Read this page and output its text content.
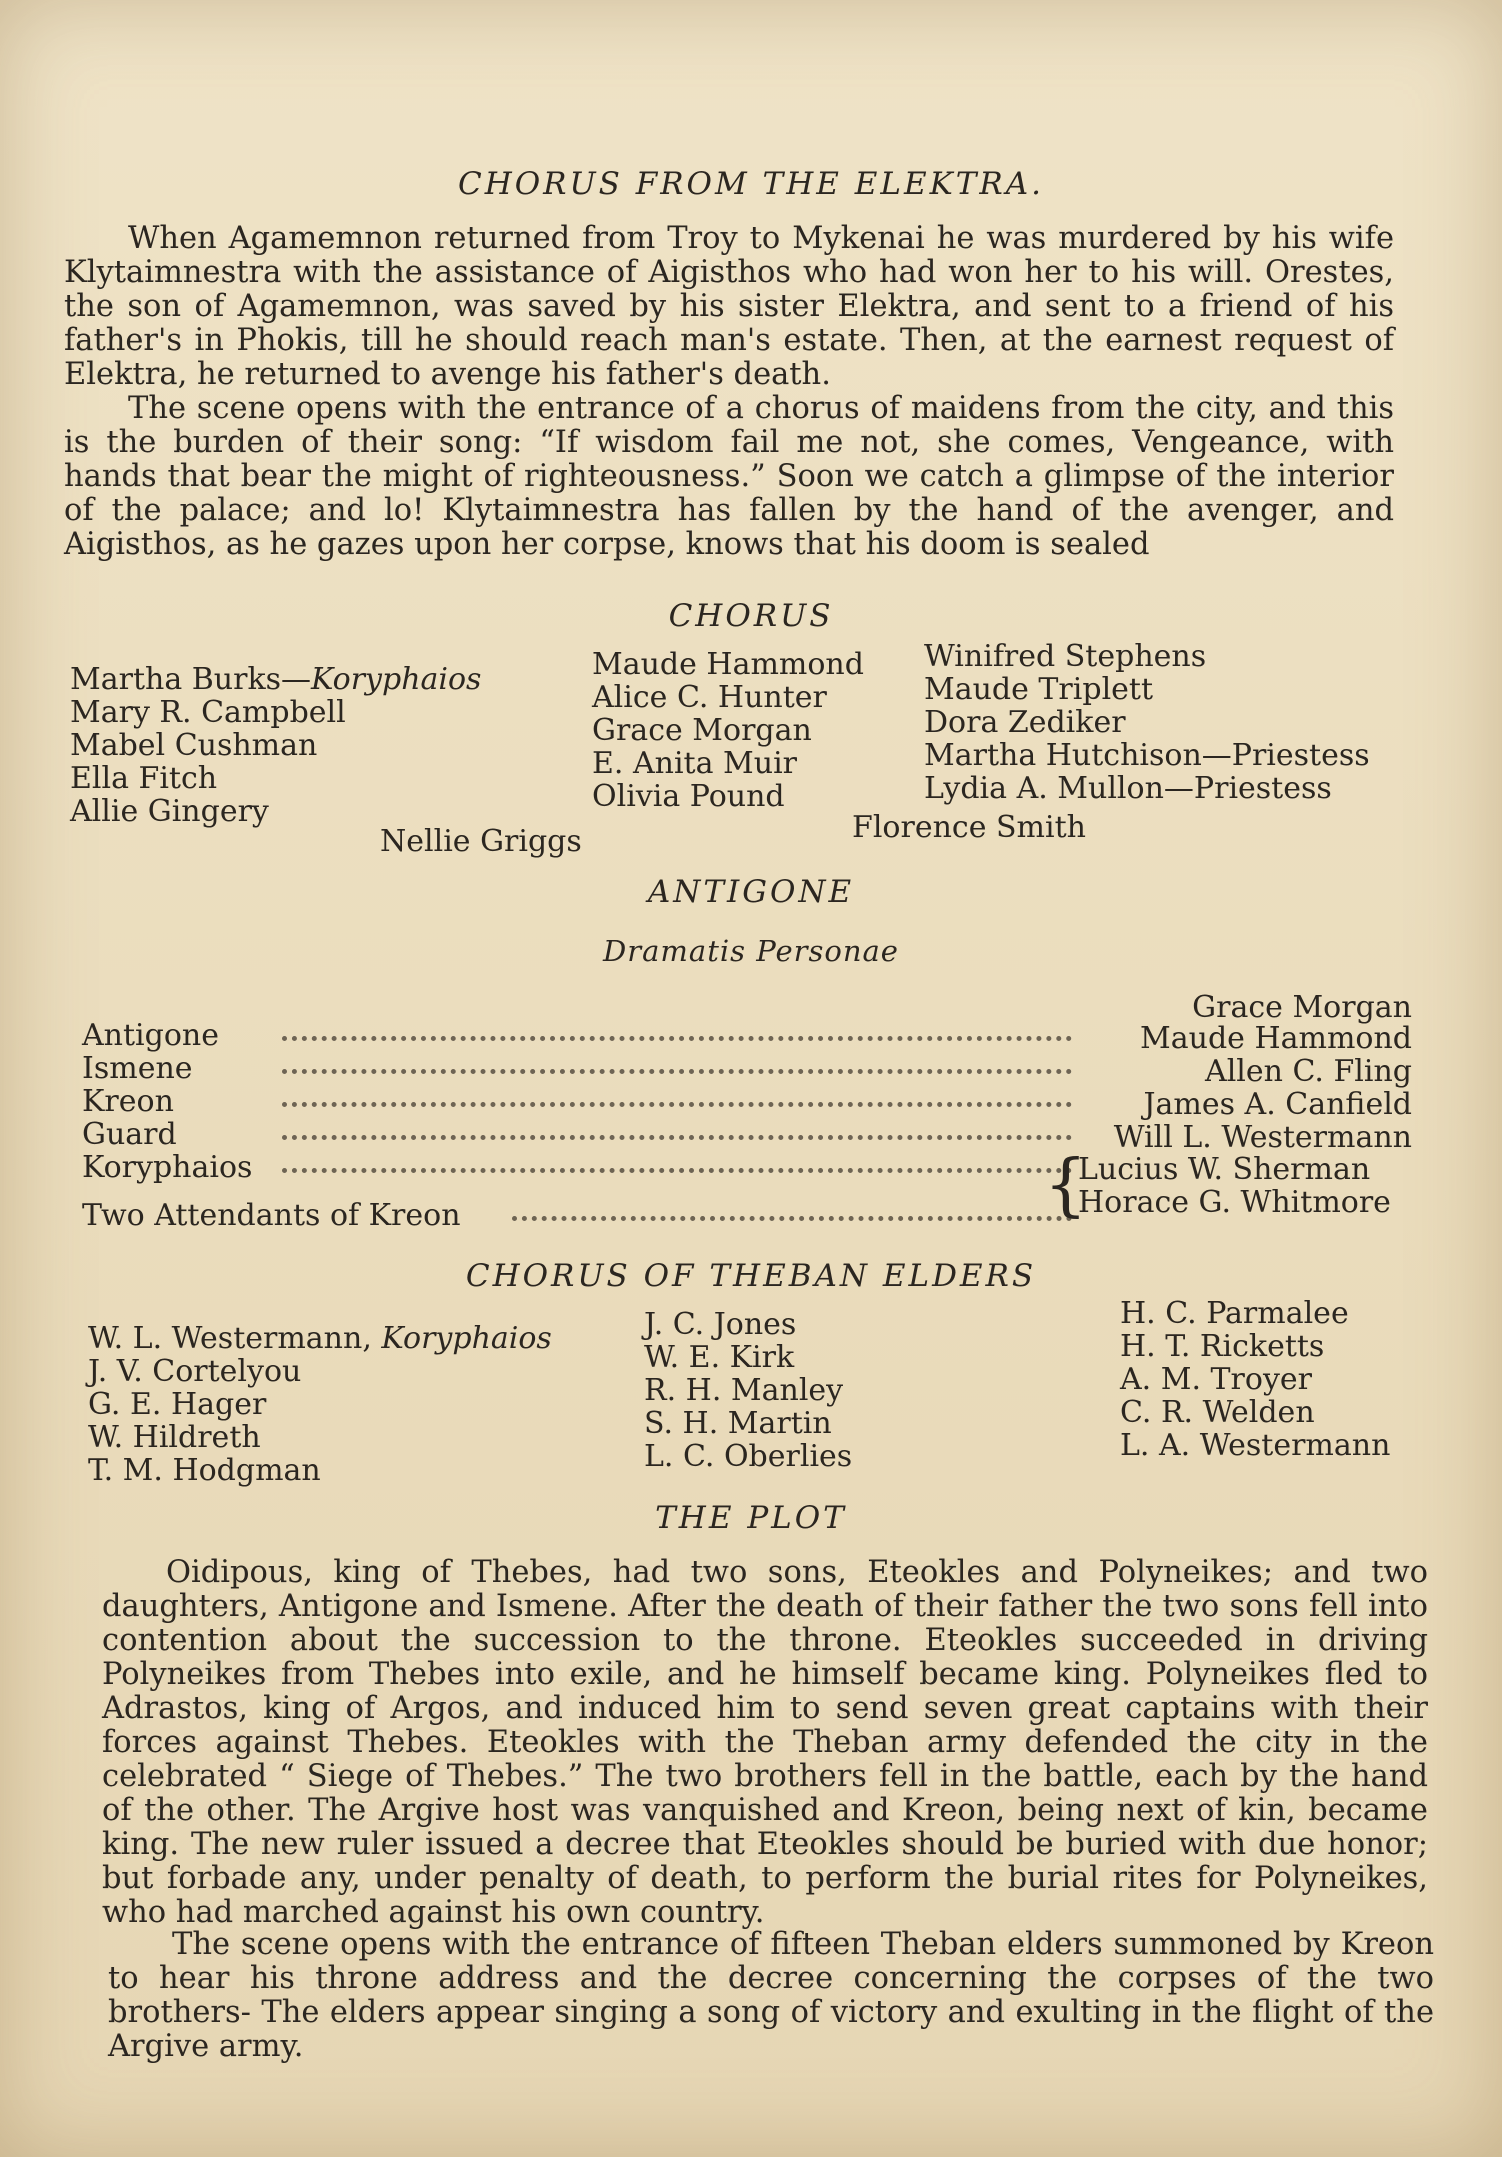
CHORUS FROM THE ELEKTRA.

When Agamemnon returned from Troy to Mykenai he was murdered by his wife Klytaimnestra with the assistance of Aigisthos who had won her to his will. Orestes, the son of Agamemnon, was saved by his sister Elektra, and sent to a friend of his father's in Phokis, till he should reach man's estate. Then, at the earnest request of Elektra, he returned to avenge his father's death.

The scene opens with the entrance of a chorus of maidens from the city, and this is the burden of their song: “If wisdom fail me not, she comes, Vengeance, with hands that bear the might of righteousness.” Soon we catch a glimpse of the interior of the palace; and lo! Klytaimnestra has fallen by the hand of the avenger, and Aigisthos, as he gazes upon her corpse, knows that his doom is sealed

CHORUS
Martha Burks—Koryphaios
Mary R. Campbell
Mabel Cushman
Ella Fitch
Allie Gingery
Maude Hammond
Alice C. Hunter
Grace Morgan
E. Anita Muir
Olivia Pound
Winifred Stephens
Maude Triplett
Dora Zediker
Martha Hutchison—Priestess
Lydia A. Mullon—Priestess
Nellie Griggs	Florence Smith
ANTIGONE
Dramatis Personae
Antigone
Grace Morgan
Ismene
Maude Hammond
Kreon
Allen C. Fling
Guard
James A. Canfield
Koryphaios
Will L. Westermann
Two Attendants of Kreon	{
Lucius W. Sherman
Horace G. Whitmore
CHORUS OF THEBAN ELDERS
W. L. Westermann, Koryphaios
J. V. Cortelyou
G. E. Hager
W. Hildreth
T. M. Hodgman
J. C. Jones
W. E. Kirk
R. H. Manley
S. H. Martin
L. C. Oberlies
H. C. Parmalee
H. T. Ricketts
A. M. Troyer
C. R. Welden
L. A. Westermann
THE PLOT

Oidipous, king of Thebes, had two sons, Eteokles and Polyneikes; and two daughters, Antigone and Ismene. After the death of their father the two sons fell into contention about the succession to the throne. Eteokles succeeded in driving Polyneikes from Thebes into exile, and he himself became king. Polyneikes fled to Adrastos, king of Argos, and induced him to send seven great captains with their forces against Thebes. Eteokles with the Theban army defended the city in the celebrated “ Siege of Thebes.” The two brothers fell in the battle, each by the hand of the other. The Argive host was vanquished and Kreon, being next of kin, became king. The new ruler issued a decree that Eteokles should be buried with due honor; but forbade any, under penalty of death, to perform the burial rites for Polyneikes, who had marched against his own country.

The scene opens with the entrance of fifteen Theban elders summoned by Kreon to hear his throne address and the decree concerning the corpses of the two brothers- The elders appear singing a song of victory and exulting in the flight of the Argive army.
